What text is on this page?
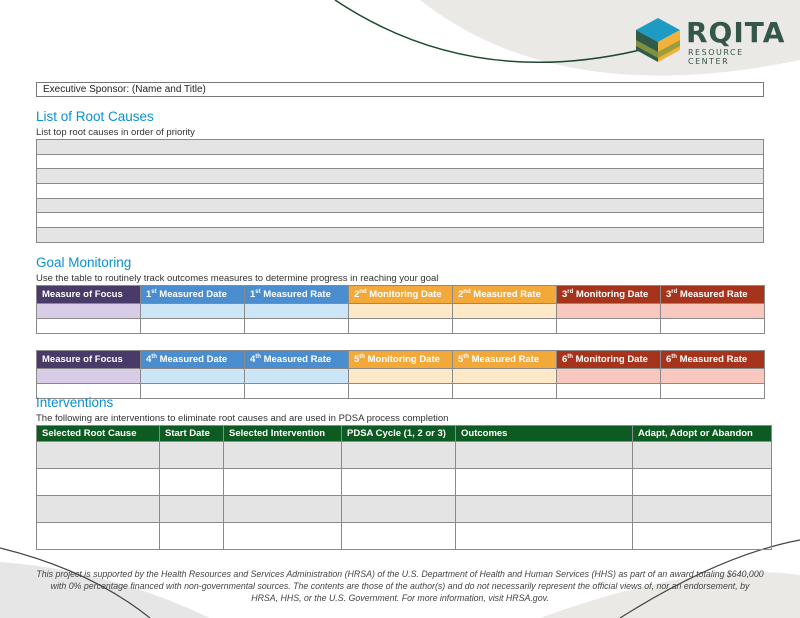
RQITA
RESOURCE CENTER
Executive Sponsor: (Name and Title)
List of Root Causes
List top root causes in order of priority

Goal Monitoring
Use the table to routinely track outcomes measures to determine progress in reaching your goal
Measure of Focus	1st Measured Date	1st Measured Rate	2nd Monitoring Date	2nd Measured Rate	3rd Monitoring Date	3rd Measured Rate

Measure of Focus	4th Measured Date	4th Measured Rate	5th Monitoring Date	5th Measured Rate	6th Monitoring Date	6th Measured Rate

Interventions
The following are interventions to eliminate root causes and are used in PDSA process completion
Selected Root Cause	Start Date	Selected Intervention	PDSA Cycle (1, 2 or 3)	Outcomes	Adapt, Adopt or Abandon

This project is supported by the Health Resources and Services Administration (HRSA) of the U.S. Department of Health and Human Services (HHS) as part of an award totaling $640,000 with 0% percentage financed with non-governmental sources. The contents are those of the author(s) and do not necessarily represent the official views of, nor an endorsement, by HRSA, HHS, or the U.S. Government. For more information, visit HRSA.gov.
